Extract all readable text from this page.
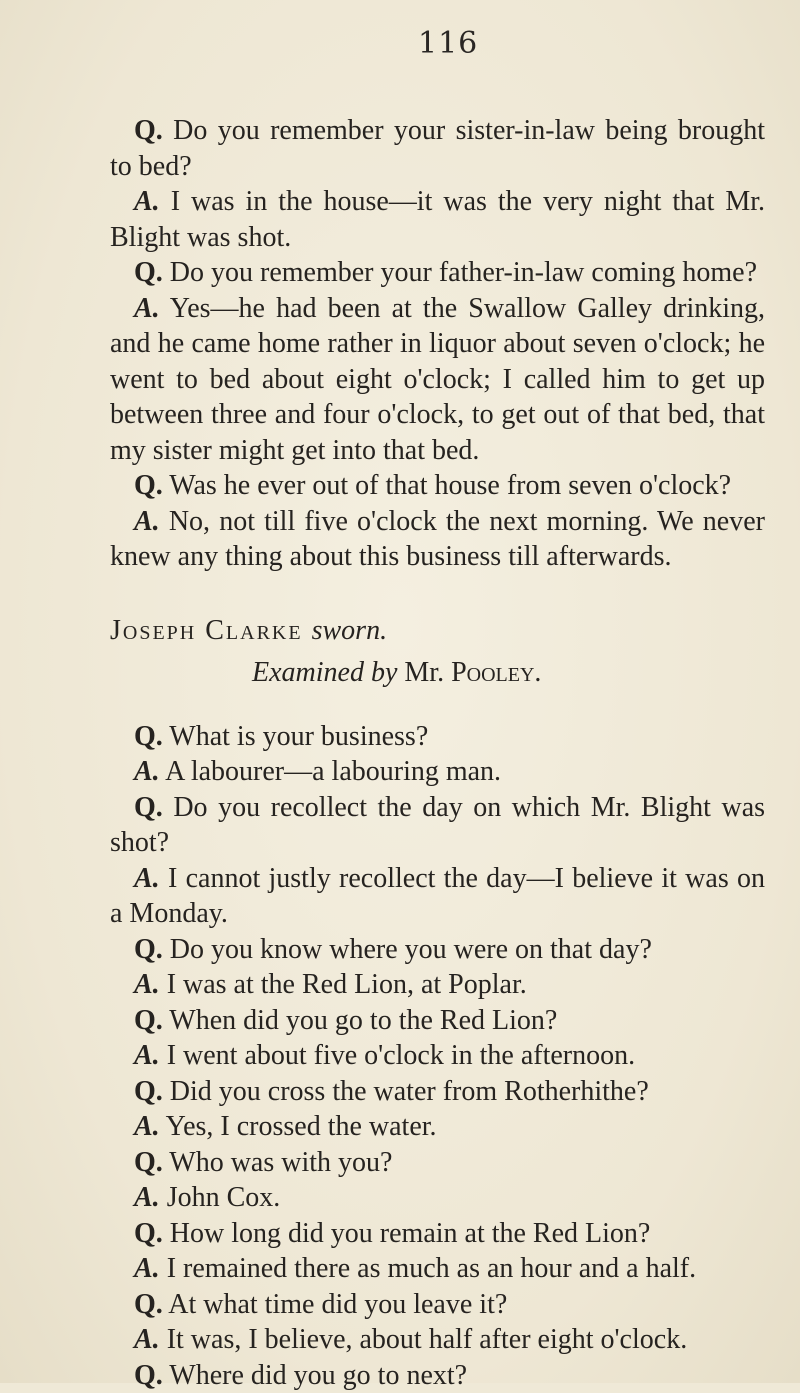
116

Q. Do you remember your sister-in-law being brought to bed?

A. I was in the house—it was the very night that Mr. Blight was shot.

Q. Do you remember your father-in-law coming home?

A. Yes—he had been at the Swallow Galley drinking, and he came home rather in liquor about seven o'clock; he went to bed about eight o'clock; I called him to get up between three and four o'clock, to get out of that bed, that my sister might get into that bed.

Q. Was he ever out of that house from seven o'clock?

A. No, not till five o'clock the next morning. We never knew any thing about this business till afterwards.

Joseph Clarke sworn.
Examined by Mr. Pooley.

Q. What is your business?

A. A labourer—a labouring man.

Q. Do you recollect the day on which Mr. Blight was shot?

A. I cannot justly recollect the day—I believe it was on a Monday.

Q. Do you know where you were on that day?

A. I was at the Red Lion, at Poplar.

Q. When did you go to the Red Lion?

A. I went about five o'clock in the afternoon.

Q. Did you cross the water from Rotherhithe?

A. Yes, I crossed the water.

Q. Who was with you?

A. John Cox.

Q. How long did you remain at the Red Lion?

A. I remained there as much as an hour and a half.

Q. At what time did you leave it?

A. It was, I believe, about half after eight o'clock.

Q. Where did you go to next?
